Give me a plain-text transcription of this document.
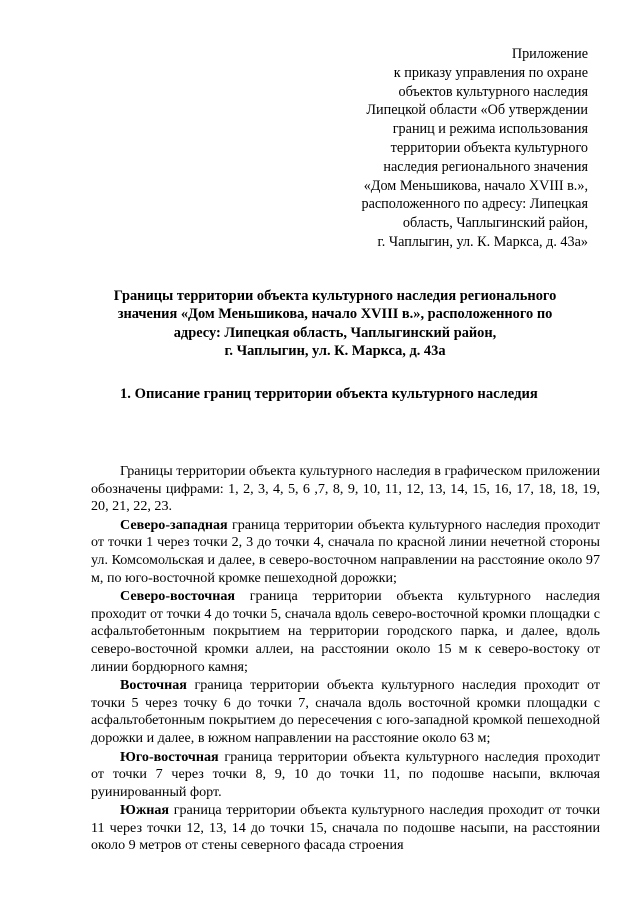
Приложение
к приказу управления по охране
объектов культурного наследия
Липецкой области «Об утверждении
границ и режима использования
территории объекта культурного
наследия регионального значения
«Дом Меньшикова, начало XVIII в.»,
расположенного по адресу: Липецкая
область, Чаплыгинский район,
г. Чаплыгин, ул. К. Маркса, д. 43а»
Границы территории объекта культурного наследия регионального
значения «Дом Меньшикова, начало XVIII в.», расположенного по
адресу: Липецкая область, Чаплыгинский район,
г. Чаплыгин, ул. К. Маркса, д. 43а
1. Описание границ территории объекта культурного наследия

Границы территории объекта культурного наследия в графическом приложении обозначены цифрами: 1, 2, 3, 4, 5, 6 ,7, 8, 9, 10, 11, 12, 13, 14, 15, 16, 17, 18, 18, 19, 20, 21, 22, 23.

Северо-западная граница территории объекта культурного наследия проходит от точки 1 через точки 2, 3 до точки 4, сначала по красной линии нечетной стороны ул. Комсомольская и далее, в северо-восточном направлении на расстояние около 97 м, по юго-восточной кромке пешеходной дорожки;

Северо-восточная граница территории объекта культурного наследия проходит от точки 4 до точки 5, сначала вдоль северо-восточной кромки площадки с асфальтобетонным покрытием на территории городского парка, и далее, вдоль северо-восточной кромки аллеи, на расстоянии около 15 м к северо-востоку от линии бордюрного камня;

Восточная граница территории объекта культурного наследия проходит от точки 5 через точку 6 до точки 7, сначала вдоль восточной кромки площадки с асфальтобетонным покрытием до пересечения с юго-западной кромкой пешеходной дорожки и далее, в южном направлении на расстояние около 63 м;

Юго-восточная граница территории объекта культурного наследия проходит от точки 7 через точки 8, 9, 10 до точки 11, по подошве насыпи, включая руинированный форт.

Южная граница территории объекта культурного наследия проходит от точки 11 через точки 12, 13, 14 до точки 15, сначала по подошве насыпи, на расстоянии около 9 метров от стены северного фасада строения
